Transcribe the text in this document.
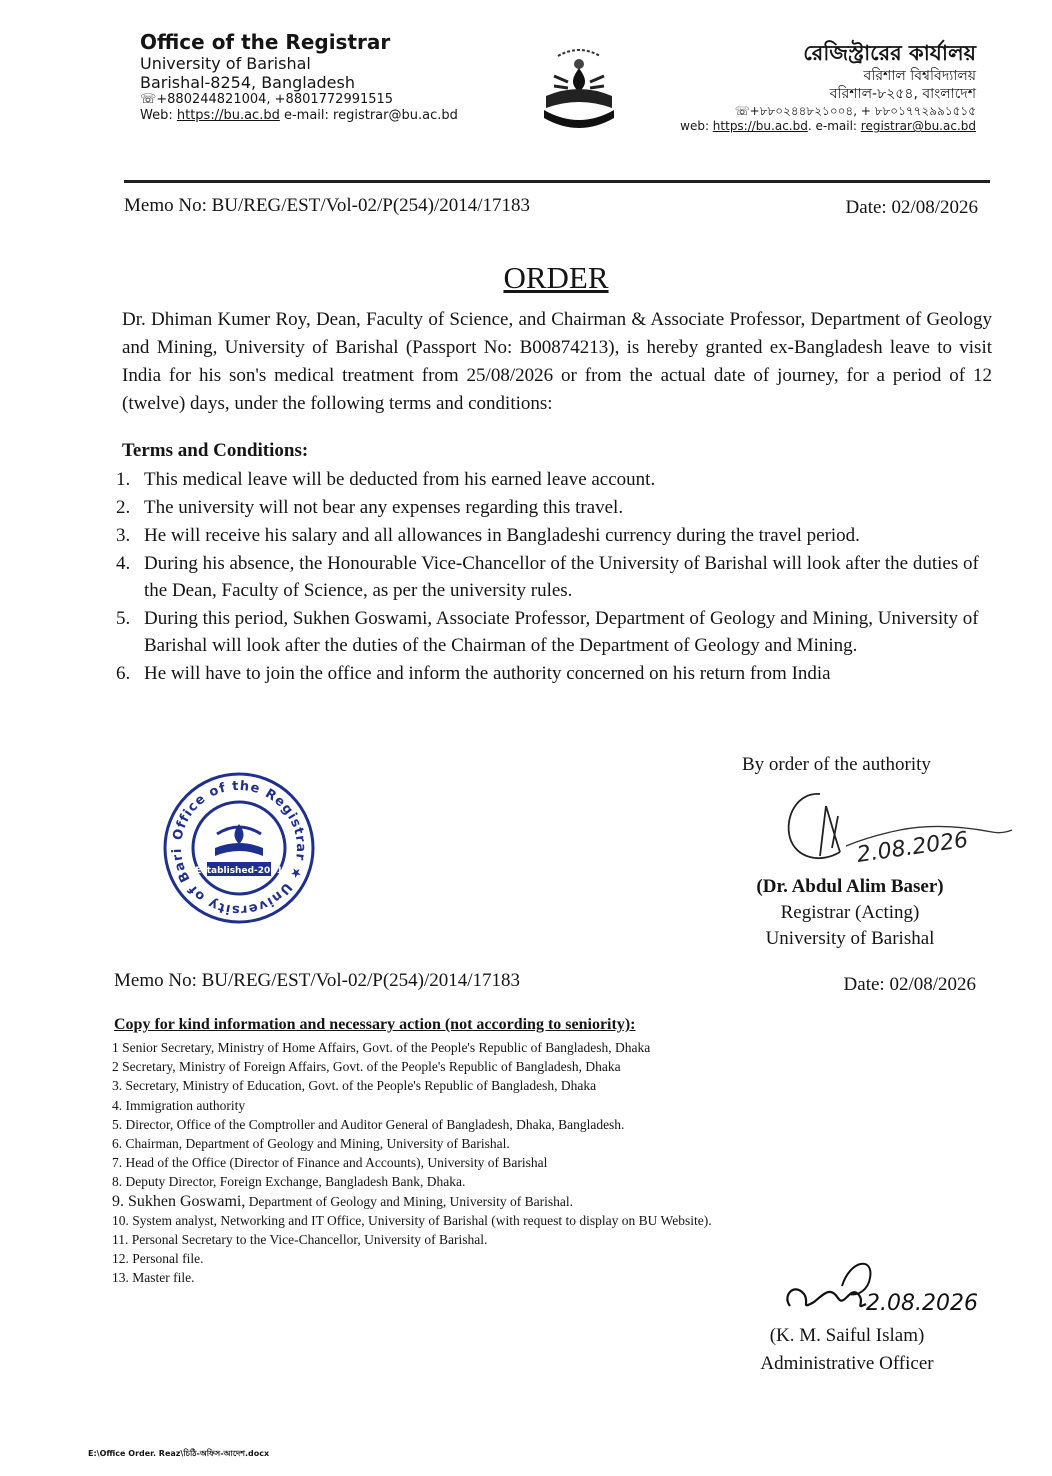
Office of the Registrar
University of Barishal
Barishal-8254, Bangladesh
☏+880244821004, +8801772991515
Web: https://bu.ac.bd e-mail: registrar@bu.ac.bd
রেজিস্ট্রারের কার্যালয়
বরিশাল বিশ্ববিদ্যালয়
বরিশাল-৮২৫৪, বাংলাদেশ
☏+৮৮০২৪৪৮২১০০৪, + ৮৮০১৭৭২৯৯১৫১৫
web: https://bu.ac.bd. e-mail: registrar@bu.ac.bd
Memo No: BU/REG/EST/Vol-02/P(254)/2014/17183	Date: 02/08/2026
ORDER
Dr. Dhiman Kumer Roy, Dean, Faculty of Science, and Chairman & Associate Professor, Department of Geology and Mining, University of Barishal (Passport No: B00874213), is hereby granted ex-Bangladesh leave to visit India for his son's medical treatment from 25/08/2026 or from the actual date of journey, for a period of 12 (twelve) days, under the following terms and conditions:
Terms and Conditions:
1. This medical leave will be deducted from his earned leave account.
2. The university will not bear any expenses regarding this travel.
3. He will receive his salary and all allowances in Bangladeshi currency during the travel period.
4. During his absence, the Honourable Vice-Chancellor of the University of Barishal will look after the duties of the Dean, Faculty of Science, as per the university rules.
5. During this period, Sukhen Goswami, Associate Professor, Department of Geology and Mining, University of Barishal will look after the duties of the Chairman of the Department of Geology and Mining.
6. He will have to join the office and inform the authority concerned on his return from India
By order of the authority
2.08.2026
(Dr. Abdul Alim Baser)
Registrar (Acting)
University of Barishal
Office of the Registrar ★ University of Barishal, Bangladesh
Established-2011
Memo No: BU/REG/EST/Vol-02/P(254)/2014/17183	Date: 02/08/2026
Copy for kind information and necessary action (not according to seniority):
1 Senior Secretary, Ministry of Home Affairs, Govt. of the People's Republic of Bangladesh, Dhaka
2 Secretary, Ministry of Foreign Affairs, Govt. of the People's Republic of Bangladesh, Dhaka
3. Secretary, Ministry of Education, Govt. of the People's Republic of Bangladesh, Dhaka
4. Immigration authority
5. Director, Office of the Comptroller and Auditor General of Bangladesh, Dhaka, Bangladesh.
6. Chairman, Department of Geology and Mining, University of Barishal.
7. Head of the Office (Director of Finance and Accounts), University of Barishal
8. Deputy Director, Foreign Exchange, Bangladesh Bank, Dhaka.
9. Sukhen Goswami, Department of Geology and Mining, University of Barishal.
10. System analyst, Networking and IT Office, University of Barishal (with request to display on BU Website).
11. Personal Secretary to the Vice-Chancellor, University of Barishal.
12. Personal file.
13. Master file.
2.08.2026
(K. M. Saiful Islam)
Administrative Officer
E:\Office Order. Reaz\চিঠি-অফিস-আদেশ.docx
